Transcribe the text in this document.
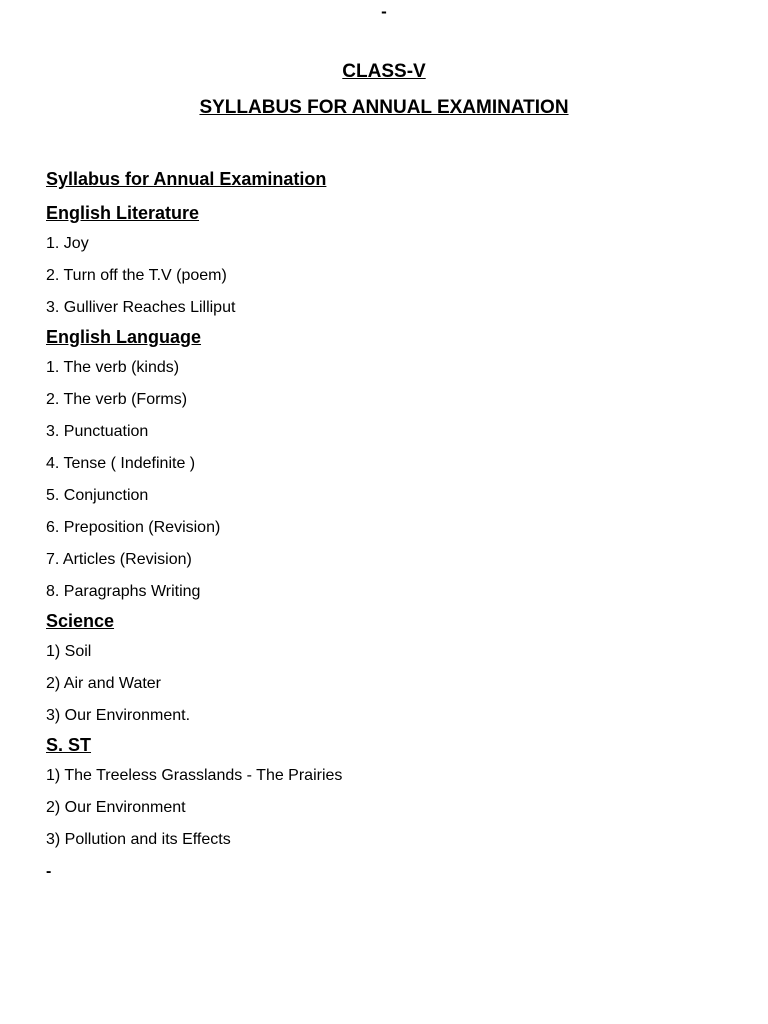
-
CLASS-V
SYLLABUS FOR ANNUAL EXAMINATION
Syllabus for Annual Examination
English Literature
1. Joy
2. Turn off the T.V (poem)
3. Gulliver Reaches Lilliput
English Language
1. The verb (kinds)
2. The verb (Forms)
3. Punctuation
4. Tense ( Indefinite )
5. Conjunction
6. Preposition (Revision)
7. Articles (Revision)
8. Paragraphs Writing
Science
1) Soil
2) Air and Water
3) Our Environment.
S. ST
1) The Treeless Grasslands - The Prairies
2) Our Environment
3) Pollution and its Effects
-
